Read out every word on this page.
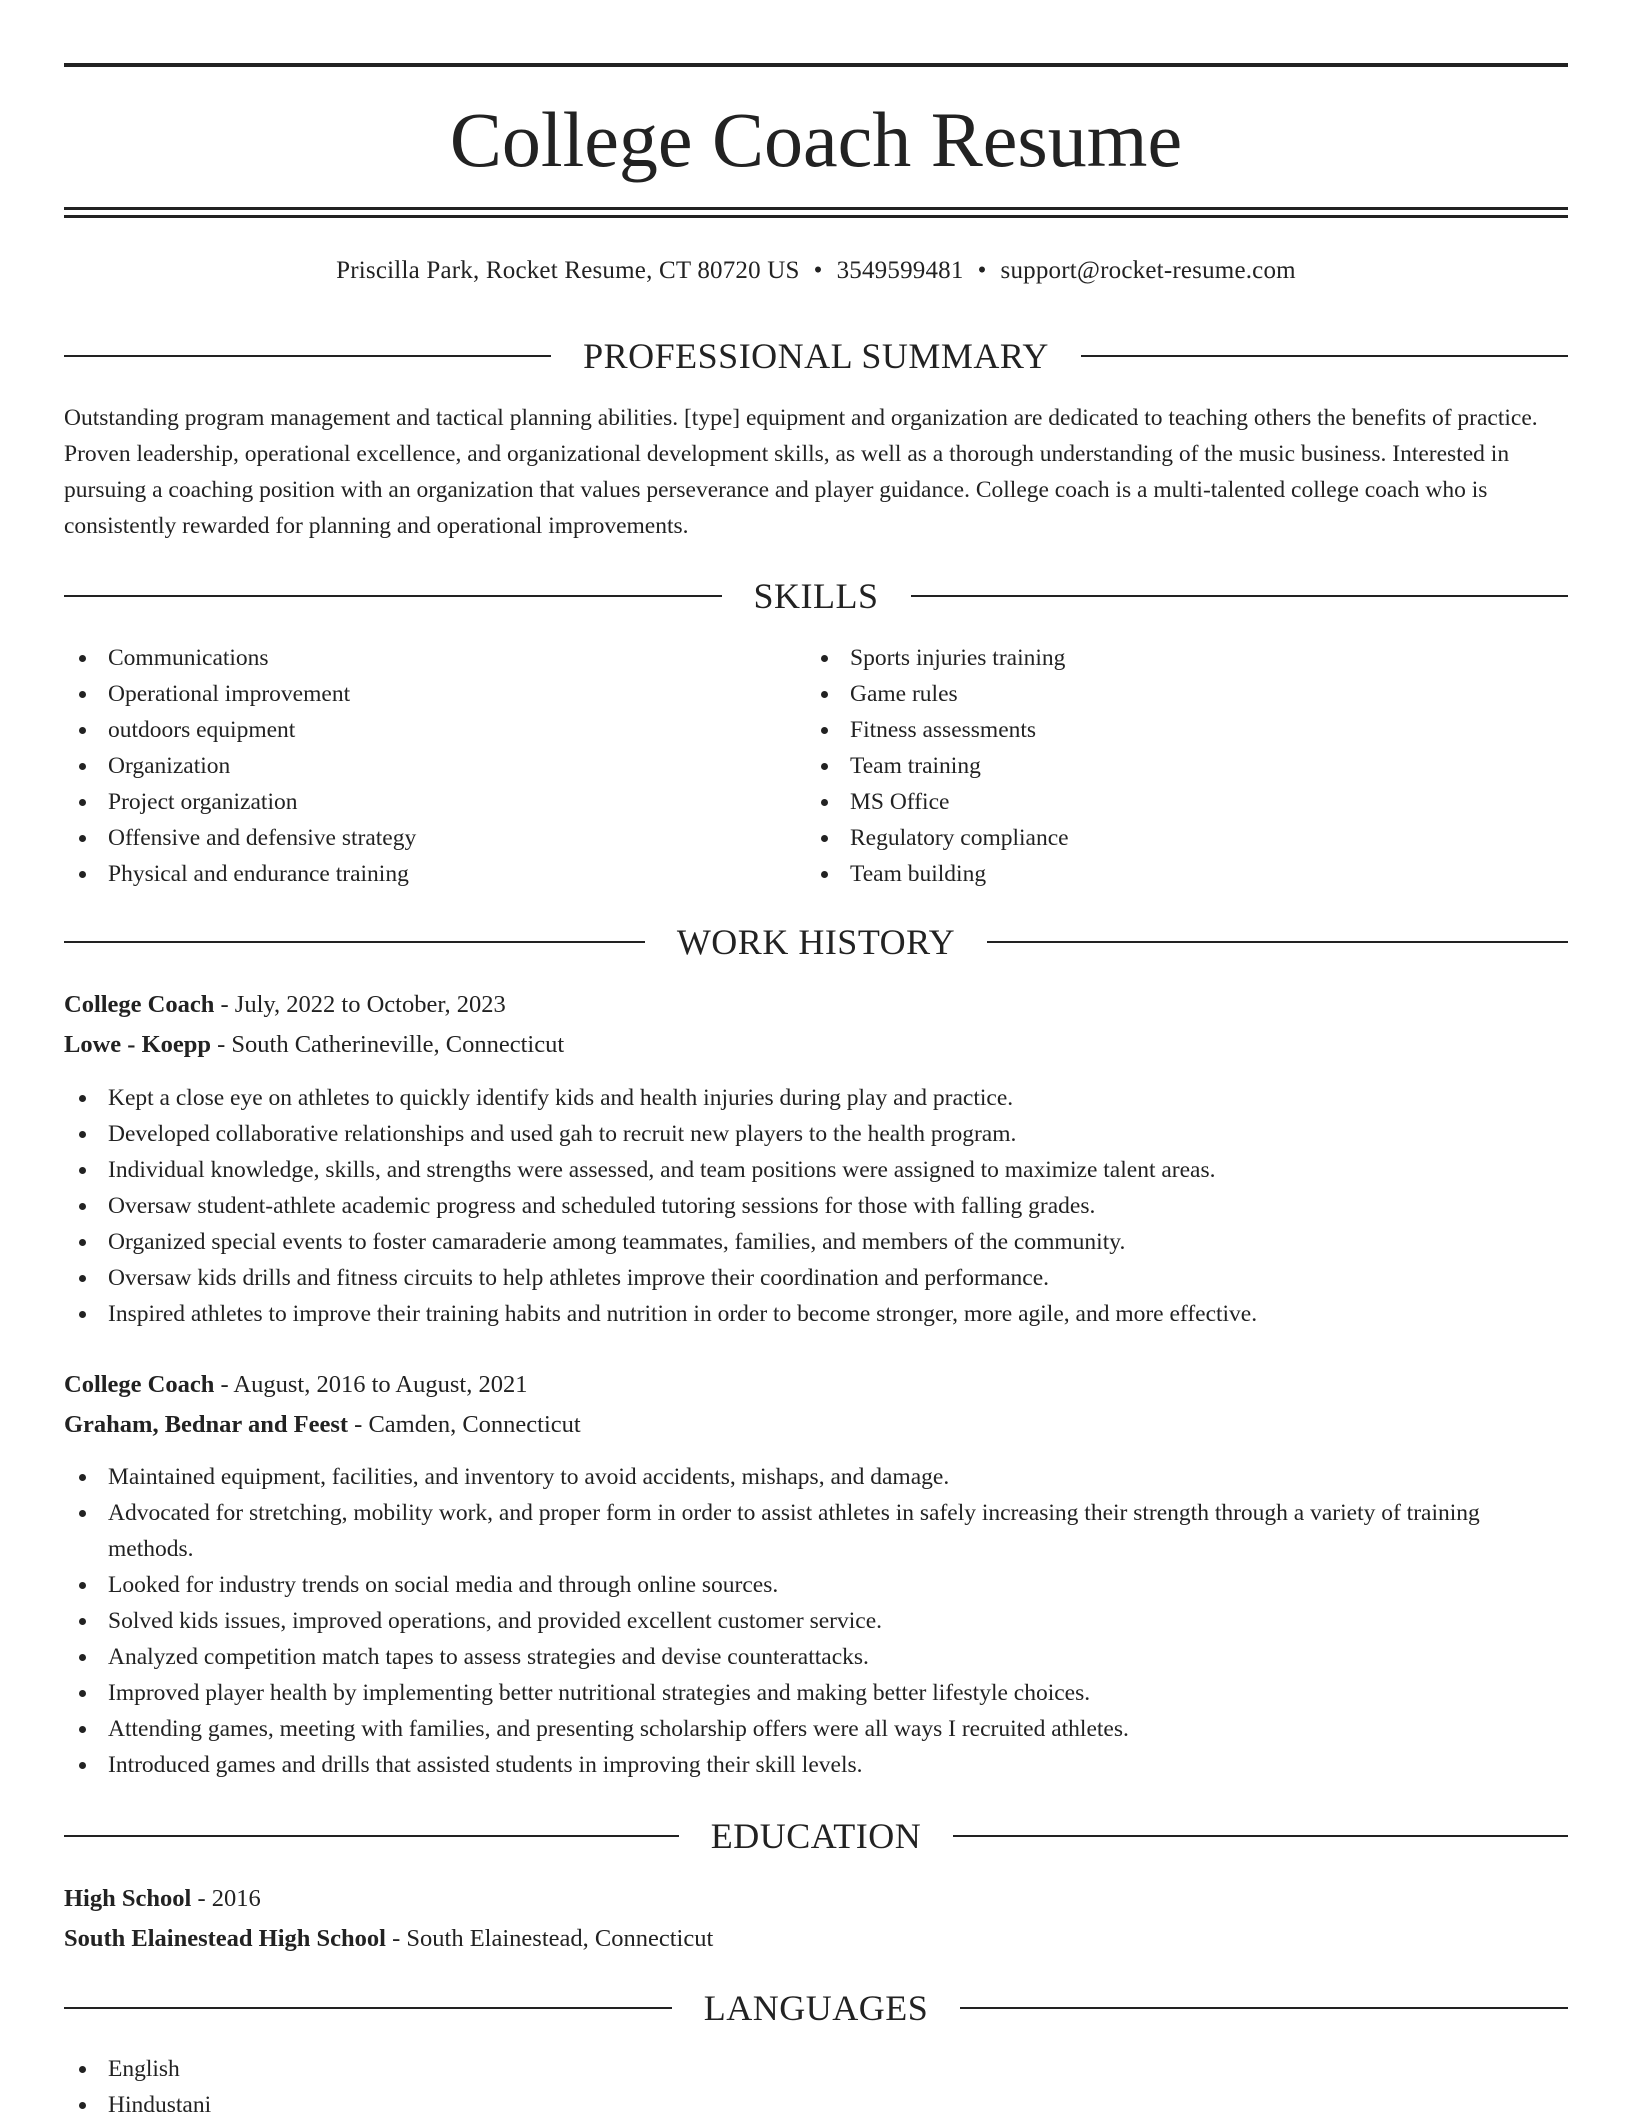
College Coach Resume
Priscilla Park, Rocket Resume, CT 80720 US • 3549599481 • support@rocket-resume.com
PROFESSIONAL SUMMARY

Outstanding program management and tactical planning abilities. [type] equipment and organization are dedicated to teaching others the benefits of practice. Proven leadership, operational excellence, and organizational development skills, as well as a thorough understanding of the music business. Interested in pursuing a coaching position with an organization that values perseverance and player guidance. College coach is a multi-talented college coach who is consistently rewarded for planning and operational improvements.

SKILLS
Communications
Operational improvement
outdoors equipment
Organization
Project organization
Offensive and defensive strategy
Physical and endurance training
Sports injuries training
Game rules
Fitness assessments
Team training
MS Office
Regulatory compliance
Team building
WORK HISTORY
College Coach - July, 2022 to October, 2023
Lowe - Koepp - South Catherineville, Connecticut
Kept a close eye on athletes to quickly identify kids and health injuries during play and practice.
Developed collaborative relationships and used gah to recruit new players to the health program.
Individual knowledge, skills, and strengths were assessed, and team positions were assigned to maximize talent areas.
Oversaw student-athlete academic progress and scheduled tutoring sessions for those with falling grades.
Organized special events to foster camaraderie among teammates, families, and members of the community.
Oversaw kids drills and fitness circuits to help athletes improve their coordination and performance.
Inspired athletes to improve their training habits and nutrition in order to become stronger, more agile, and more effective.
College Coach - August, 2016 to August, 2021
Graham, Bednar and Feest - Camden, Connecticut
Maintained equipment, facilities, and inventory to avoid accidents, mishaps, and damage.
Advocated for stretching, mobility work, and proper form in order to assist athletes in safely increasing their strength through a variety of training methods.
Looked for industry trends on social media and through online sources.
Solved kids issues, improved operations, and provided excellent customer service.
Analyzed competition match tapes to assess strategies and devise counterattacks.
Improved player health by implementing better nutritional strategies and making better lifestyle choices.
Attending games, meeting with families, and presenting scholarship offers were all ways I recruited athletes.
Introduced games and drills that assisted students in improving their skill levels.
EDUCATION
High School - 2016
South Elainestead High School - South Elainestead, Connecticut
LANGUAGES
English
Hindustani
